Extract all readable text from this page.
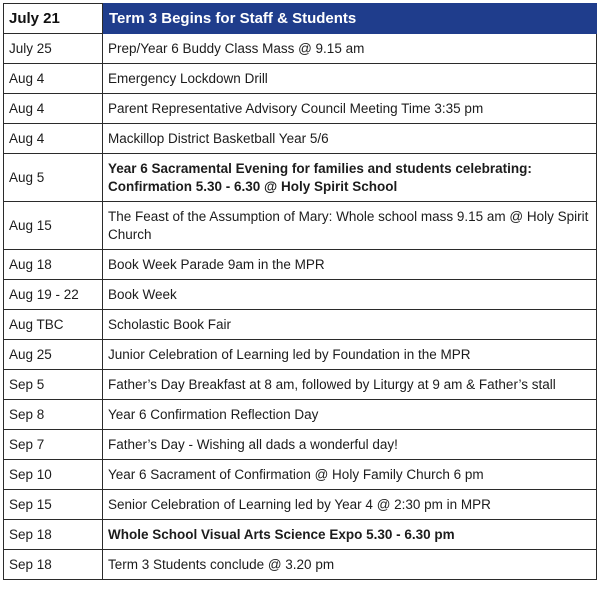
July 21	Term 3 Begins for Staff & Students
July 25	Prep/Year 6 Buddy Class Mass @ 9.15 am
Aug 4	Emergency Lockdown Drill
Aug 4	Parent Representative Advisory Council Meeting Time 3:35 pm
Aug 4	Mackillop District Basketball Year 5/6
Aug 5	Year 6 Sacramental Evening for families and students celebrating: Confirmation 5.30 - 6.30 @ Holy Spirit School
Aug 15	The Feast of the Assumption of Mary: Whole school mass 9.15 am @ Holy Spirit Church
Aug 18	Book Week Parade 9am in the MPR
Aug 19 - 22	Book Week
Aug TBC	Scholastic Book Fair
Aug 25	Junior Celebration of Learning led by Foundation in the MPR
Sep 5	Father’s Day Breakfast at 8 am, followed by Liturgy at 9 am & Father’s stall
Sep 8	Year 6 Confirmation Reflection Day
Sep 7	Father’s Day - Wishing all dads a wonderful day!
Sep 10	Year 6 Sacrament of Confirmation @ Holy Family Church 6 pm
Sep 15	Senior Celebration of Learning led by Year 4 @ 2:30 pm in MPR
Sep 18	Whole School Visual Arts Science Expo 5.30 - 6.30 pm
Sep 18	Term 3 Students conclude @ 3.20 pm
